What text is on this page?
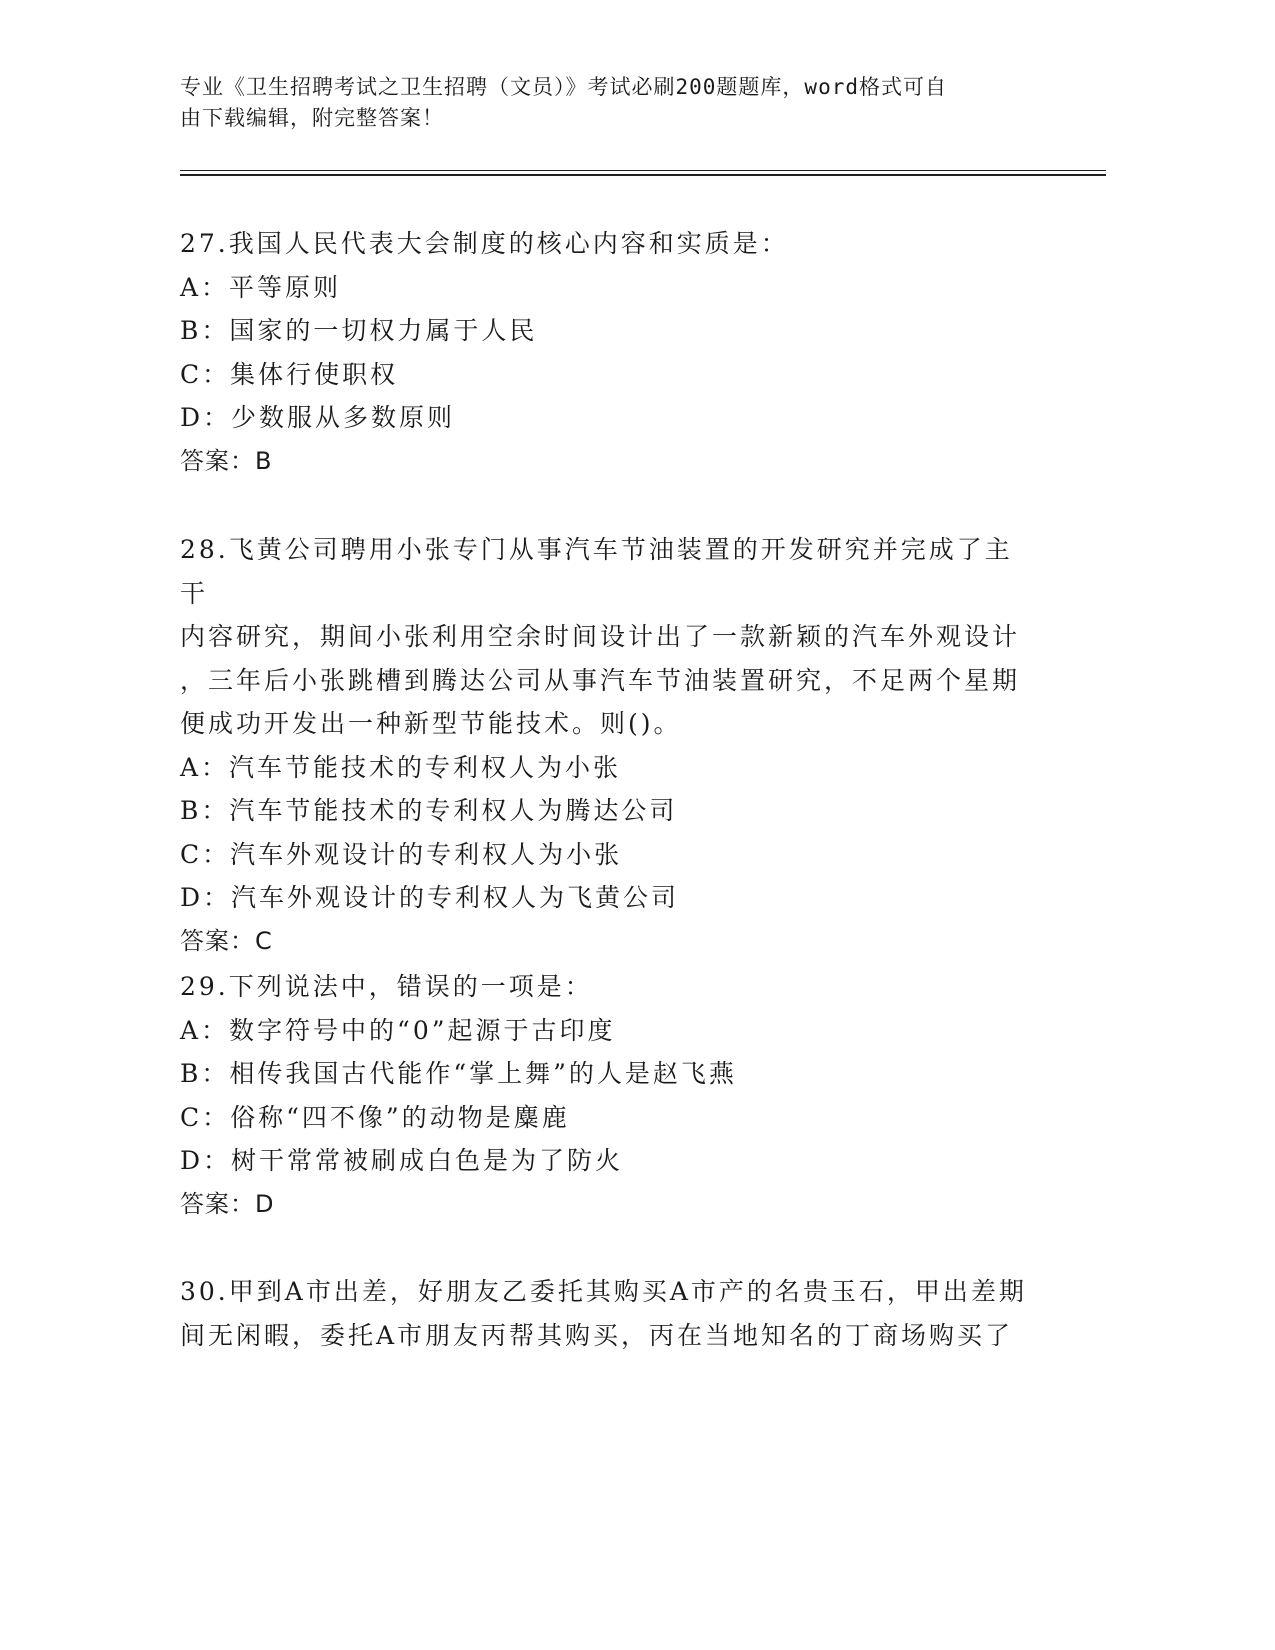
专业《卫生招聘考试之卫生招聘（文员）》考试必刷200题题库，word格式可自
由下载编辑，附完整答案！

27.我国人民代表大会制度的核心内容和实质是：

A：平等原则

B：国家的一切权力属于人民

C：集体行使职权

D：少数服从多数原则

答案：B

28.飞黄公司聘用小张专门从事汽车节油装置的开发研究并完成了主干

内容研究，期间小张利用空余时间设计出了一款新颖的汽车外观设计

，三年后小张跳槽到腾达公司从事汽车节油装置研究，不足两个星期

便成功开发出一种新型节能技术。则()。

A：汽车节能技术的专利权人为小张

B：汽车节能技术的专利权人为腾达公司

C：汽车外观设计的专利权人为小张

D：汽车外观设计的专利权人为飞黄公司

答案：C

29.下列说法中，错误的一项是：

A：数字符号中的“0”起源于古印度

B：相传我国古代能作“掌上舞”的人是赵飞燕

C：俗称“四不像”的动物是麋鹿

D：树干常常被刷成白色是为了防火

答案：D

30.甲到A市出差，好朋友乙委托其购买A市产的名贵玉石，甲出差期

间无闲暇，委托A市朋友丙帮其购买，丙在当地知名的丁商场购买了
